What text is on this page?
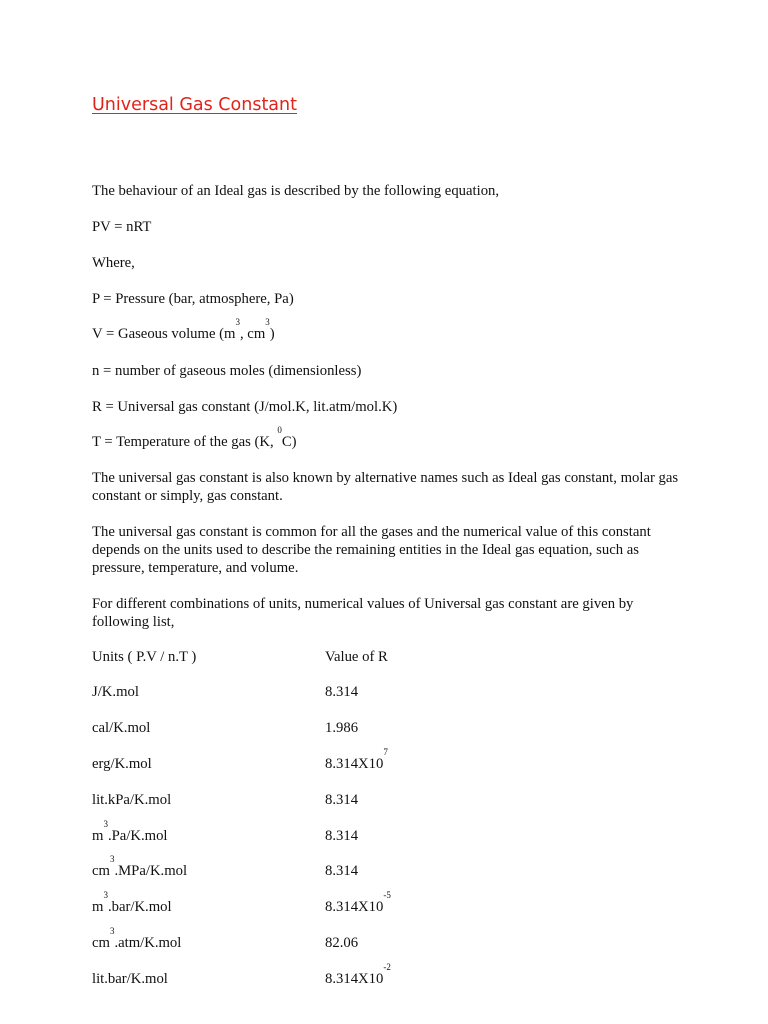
Universal Gas Constant
The behaviour of an Ideal gas is described by the following equation,
PV = nRT
Where,
P = Pressure (bar, atmosphere, Pa)
V = Gaseous volume ($m^3$, $cm^3$)
n = number of gaseous moles (dimensionless)
R = Universal gas constant (J/mol.K, lit.atm/mol.K)
T = Temperature of the gas (K, $^0$C)
The universal gas constant is also known by alternative names such as Ideal gas constant, molar gas constant or simply, gas constant.
The universal gas constant is common for all the gases and the numerical value of this constant depends on the units used to describe the remaining entities in the Ideal gas equation, such as pressure, temperature, and volume.
For different combinations of units, numerical values of Universal gas constant are given by following list,
Units ( P.V / n.T )	Value of R
J/K.mol	8.314
cal/K.mol	1.986
erg/K.mol	$8.314X10^7$
lit.kPa/K.mol	8.314
$m^3.Pa/K.mol$	8.314
$cm^3.MPa/K.mol$	8.314
$m^3.bar/K.mol$	$8.314X10^{-5}$
$cm^3.atm/K.mol$	82.06
lit.bar/K.mol	$8.314X10^{-2}$
